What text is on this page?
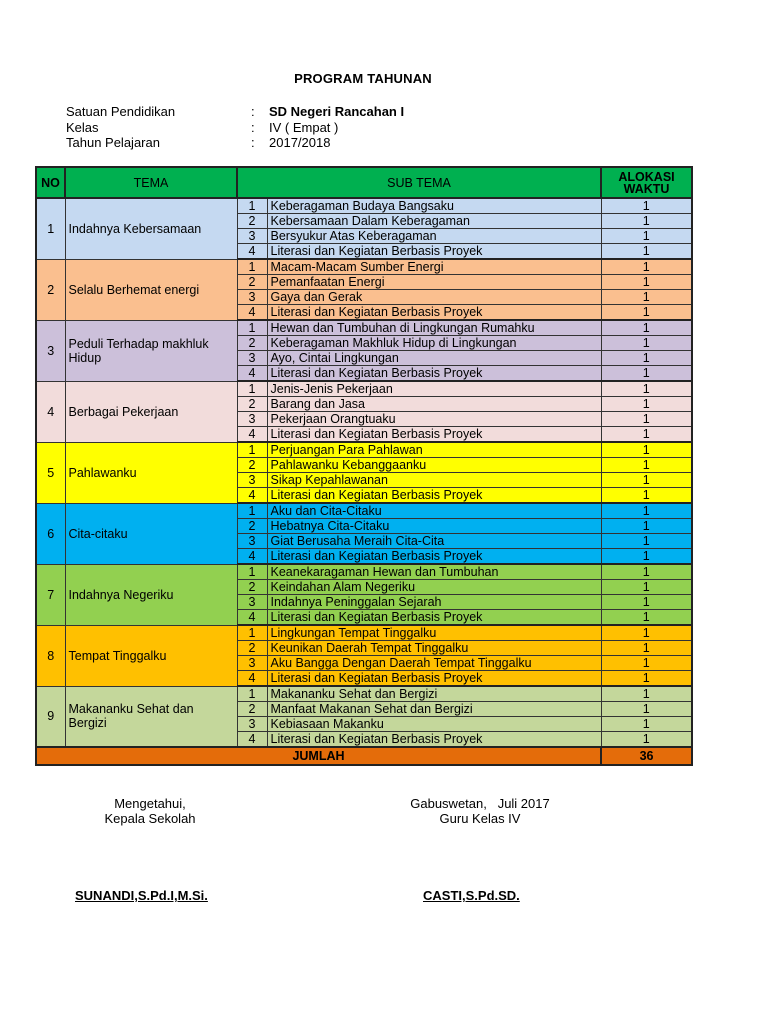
PROGRAM TAHUNAN
Satuan Pendidikan	: SD Negeri Rancahan I
Kelas	: IV ( Empat )
Tahun Pelajaran	: 2017/2018
NO	TEMA	SUB TEMA		ALOKASI WAKTU
1	Indahnya Kebersamaan	1	Keberagaman Budaya Bangsaku	1
		2	Kebersamaan Dalam Keberagaman	1
		3	Bersyukur Atas Keberagaman	1
		4	Literasi dan Kegiatan Berbasis Proyek	1
2	Selalu Berhemat energi	1	Macam-Macam Sumber Energi	1
		2	Pemanfaatan Energi	1
		3	Gaya dan Gerak	1
		4	Literasi dan Kegiatan Berbasis Proyek	1
3	Peduli Terhadap makhluk Hidup	1	Hewan dan Tumbuhan di Lingkungan Rumahku	1
		2	Keberagaman Makhluk Hidup di Lingkungan	1
		3	Ayo, Cintai Lingkungan	1
		4	Literasi dan Kegiatan Berbasis Proyek	1
4	Berbagai Pekerjaan	1	Jenis-Jenis Pekerjaan	1
		2	Barang dan Jasa	1
		3	Pekerjaan Orangtuaku	1
		4	Literasi dan Kegiatan Berbasis Proyek	1
5	Pahlawanku	1	Perjuangan Para Pahlawan	1
		2	Pahlawanku Kebanggaanku	1
		3	Sikap Kepahlawanan	1
		4	Literasi dan Kegiatan Berbasis Proyek	1
6	Cita-citaku	1	Aku dan Cita-Citaku	1
		2	Hebatnya Cita-Citaku	1
		3	Giat Berusaha Meraih Cita-Cita	1
		4	Literasi dan Kegiatan Berbasis Proyek	1
7	Indahnya Negeriku	1	Keanekaragaman Hewan dan Tumbuhan	1
		2	Keindahan Alam Negeriku	1
		3	Indahnya Peninggalan Sejarah	1
		4	Literasi dan Kegiatan Berbasis Proyek	1
8	Tempat Tinggalku	1	Lingkungan Tempat Tinggalku	1
		2	Keunikan Daerah Tempat Tinggalku	1
		3	Aku Bangga Dengan Daerah Tempat Tinggalku	1
		4	Literasi dan Kegiatan Berbasis Proyek	1
9	Makananku Sehat dan Bergizi	1	Makananku Sehat dan Bergizi	1
		2	Manfaat Makanan Sehat dan Bergizi	1
		3	Kebiasaan Makanku	1
		4	Literasi dan Kegiatan Berbasis Proyek	1
JUMLAH				36
Mengetahui,
Kepala Sekolah
SUNANDI,S.Pd.I,M.Si.
Gabuswetan,   Juli 2017
Guru Kelas IV
CASTI,S.Pd.SD.
